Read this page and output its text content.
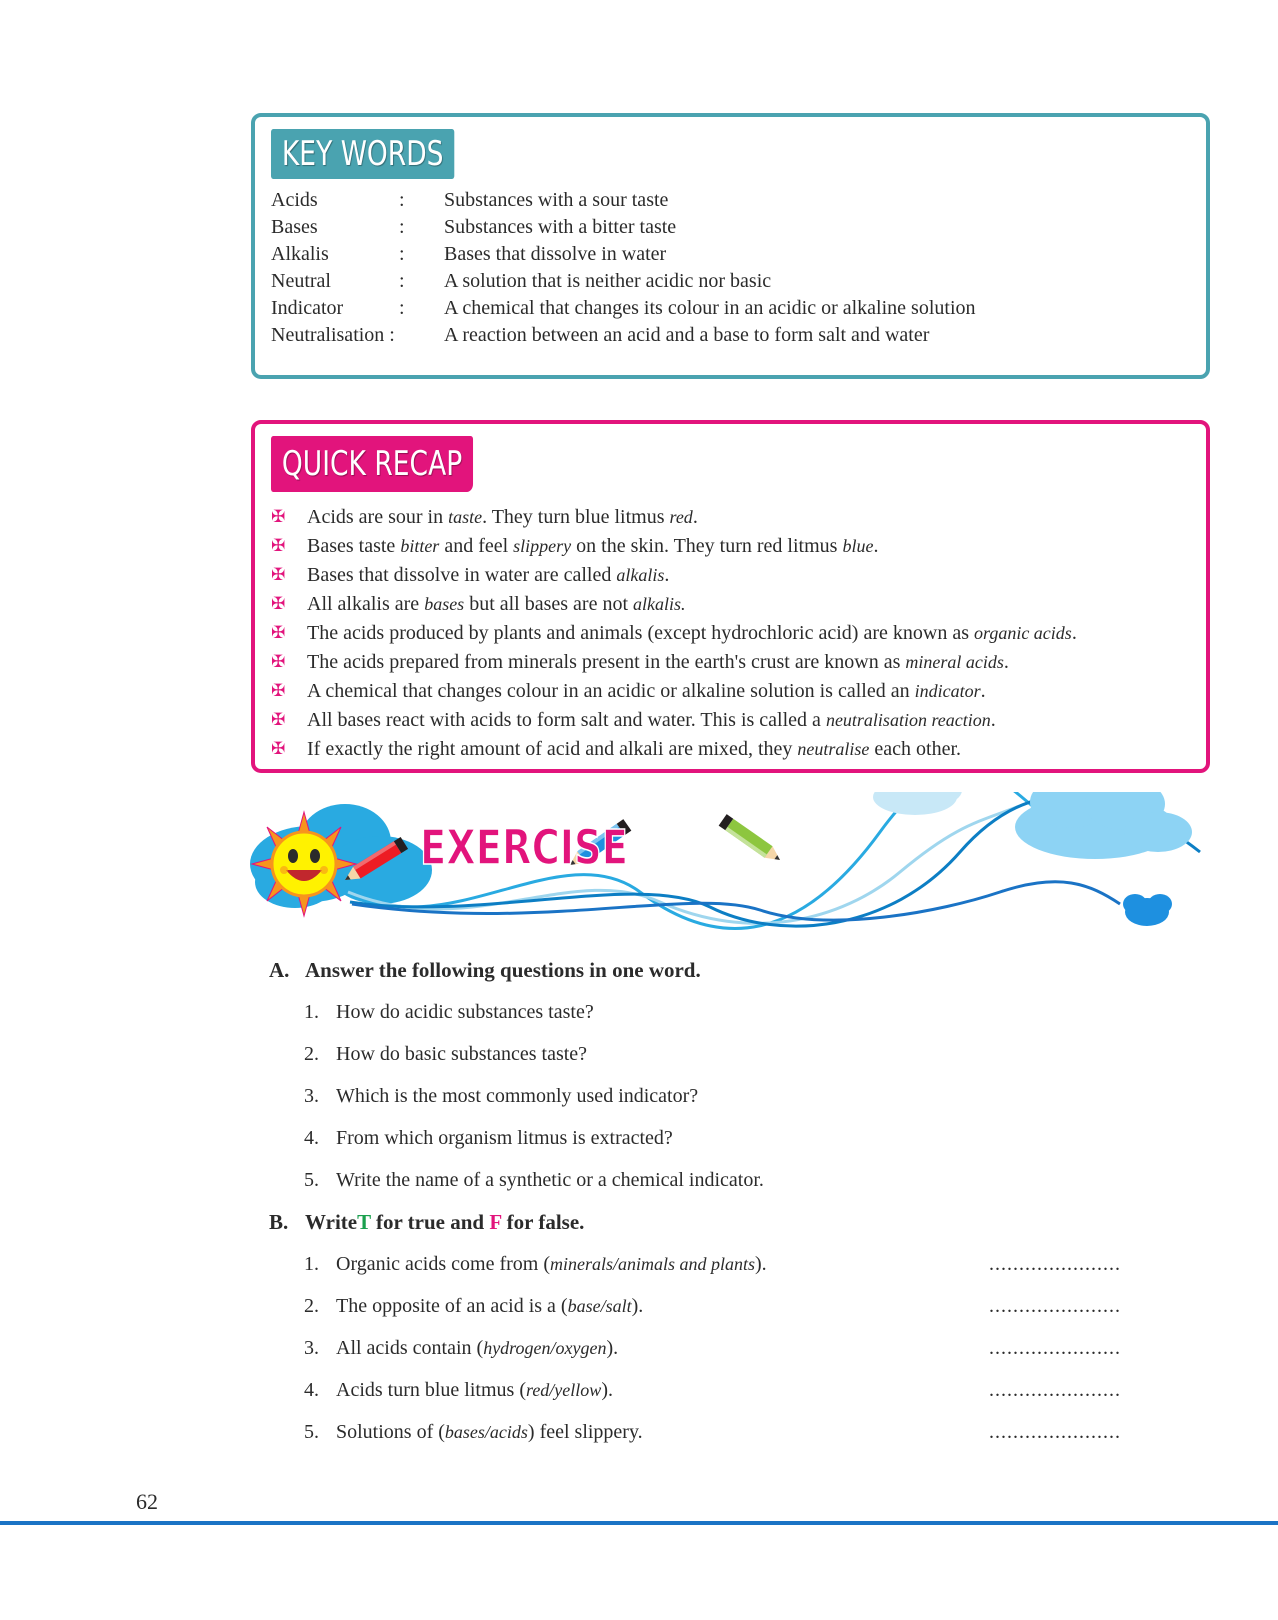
KEY WORDS
Acids	: Substances with a sour taste
Bases	: Substances with a bitter taste
Alkalis	: Bases that dissolve in water
Neutral	: A solution that is neither acidic nor basic
Indicator	: A chemical that changes its colour in an acidic or alkaline solution
Neutralisation : A reaction between an acid and a base to form salt and water
QUICK RECAP
✠ Acids are sour in taste. They turn blue litmus red.
✠ Bases taste bitter and feel slippery on the skin. They turn red litmus blue.
✠ Bases that dissolve in water are called alkalis.
✠ All alkalis are bases but all bases are not alkalis.
✠ The acids produced by plants and animals (except hydrochloric acid) are known as organic acids.
✠ The acids prepared from minerals present in the earth's crust are known as mineral acids.
✠ A chemical that changes colour in an acidic or alkaline solution is called an indicator.
✠ All bases react with acids to form salt and water. This is called a neutralisation reaction.
✠ If exactly the right amount of acid and alkali are mixed, they neutralise each other.
EXERCISE
A. Answer the following questions in one word.
1. How do acidic substances taste?
2. How do basic substances taste?
3. Which is the most commonly used indicator?
4. From which organism litmus is extracted?
5. Write the name of a synthetic or a chemical indicator.
B. WriteT for true and F for false.
1. Organic acids come from (minerals/animals and plants).	......................
2. The opposite of an acid is a (base/salt).	......................
3. All acids contain (hydrogen/oxygen).	......................
4. Acids turn blue litmus (red/yellow).	......................
5. Solutions of (bases/acids) feel slippery.	......................
62
